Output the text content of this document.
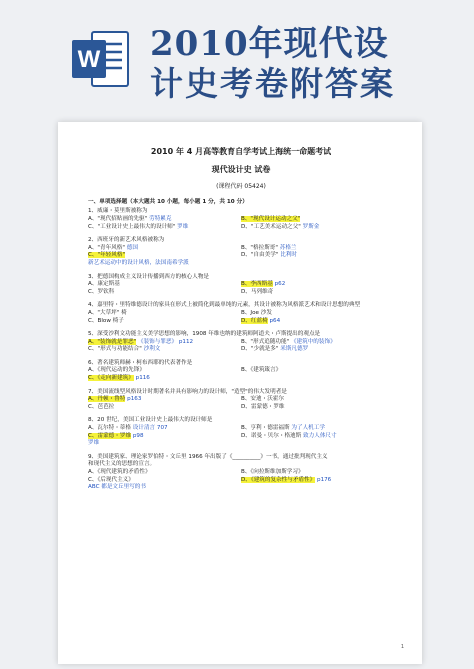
W 2010年现代设
计史考卷附答案
2010 年 4 月高等教育自学考试上海统一命题考试
现代设计史 试卷
(课程代码 05424)
一、单项选择题（本大题共 10 小题，每小题 1 分，共 10 分）
1、威廉・莫里斯被称为
A、"现代招贴画的先驱" 劳特累克	B、"现代设计运动之父"
C、"工业设计史上最伟大的设计师" 罗维	D、"工艺美术运动之父" 罗斯金
2、西班牙的新艺术风格被称为
A、"青年风格" 德国	B、"格拉斯哥" 苏格兰
C、"年轻风格"	D、"自由美学" 比利时
新艺术运动中的设计风格，法国南希学派
3、把德国构成主义设计传播到西方的核心人物是
A、康定斯基	B、李西斯基 p62
C、罗钦科	D、马列维奇
4、嘉里特・里特维德设计的家具在形式上被简化到最单纯的元素，其设计被称为风格派艺术和设计思想的典型
A、"大草坪" 椅	B、Joe 沙发
C、Blow 椅子	D、红蓝椅 p64
5、深受沙利文功能主义美学思想的影响，1908 年维也纳的建筑师阿道夫・卢斯提出的观点是
A、"装饰就是罪恶" 《装饰与罪恶》 p112	B、"形式追随功能" 《建筑中的装饰》
C、"形式与功能结合" 沙利文	D、"少就是多" 米斯凡德罗
6、著名建筑师赫・柯布西耶的代表著作是
A、《现代运动的先锋》	B、《建筑箴言》
C、《走向新建筑》 p116
7、美国流线型风格设计时期著名并具有影响力的设计师，"造型"的伟大发明者是
A、丹顿・鲁特 p163	B、安迪・沃霍尔
C、芭芭拉	D、雷蒙德・罗维
8、20 世纪，美国工业设计史上最伟大的设计师是
A、瓦尔特・蒂格 设计清言 707	B、亨利・德雷福斯 为了人机工学
C、雷蒙德・罗维 p98	D、诺曼・贝尔・格迪斯 致力人体尺寸
罗维
9、美国建筑家、理论家罗伯特・文丘里 1966 年出版了《__________》一书，通过批判现代主义
和现代主义的思想的宣言。
A、《现代建筑的矛盾性》	B、《向拉斯维加斯学习》
C、《后现代主义》	D、《建筑的复杂性与矛盾性》 p176
ABC 都是文丘里写的书
1
